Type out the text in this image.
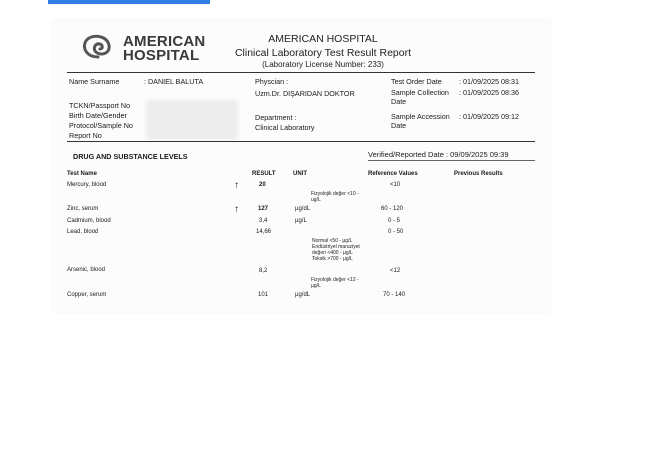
AMERICAN
HOSPITAL
AMERICAN HOSPITAL
Clinical Laboratory Test Result Report
(Laboratory License Number: 233)
Name Surname	: DANIEL BALUTA
TCKN/Passport No
Birth Date/Gender
Protocol/Sample No
Report No
Physcian :
Uzm.Dr. DIŞARIDAN DOKTOR
Department :
Clinical Laboratory
Test Order Date : 01/09/2025 08:31
Sample Collection
Date
: 01/09/2025 08:36
Sample Accession
Date
: 01/09/2025 09:12
DRUG AND SUBSTANCE LEVELS	Verified/Reported Date : 09/09/2025 09:39
Test Name	RESULT	UNIT	Reference Values	Previous Results
Mercury, blood	↑	20	<10
Fizyolojik değer <10 -
ug/L
Zinc, serum	↑	127	µg/dL	60 - 120
Cadmium, blood	3,4	µg/L	0 - 5
Lead, blood	14,66	0 - 50
Normal <50 - µg/L
Endüstriyel maruziyet
değeri <400 - µg/L
Toksik >700 - µg/L
Arsenic, blood	8,2	<12
Fizyolojik değer <12 -
µg/L
Copper, serum	101	µg/dL	70 - 140
